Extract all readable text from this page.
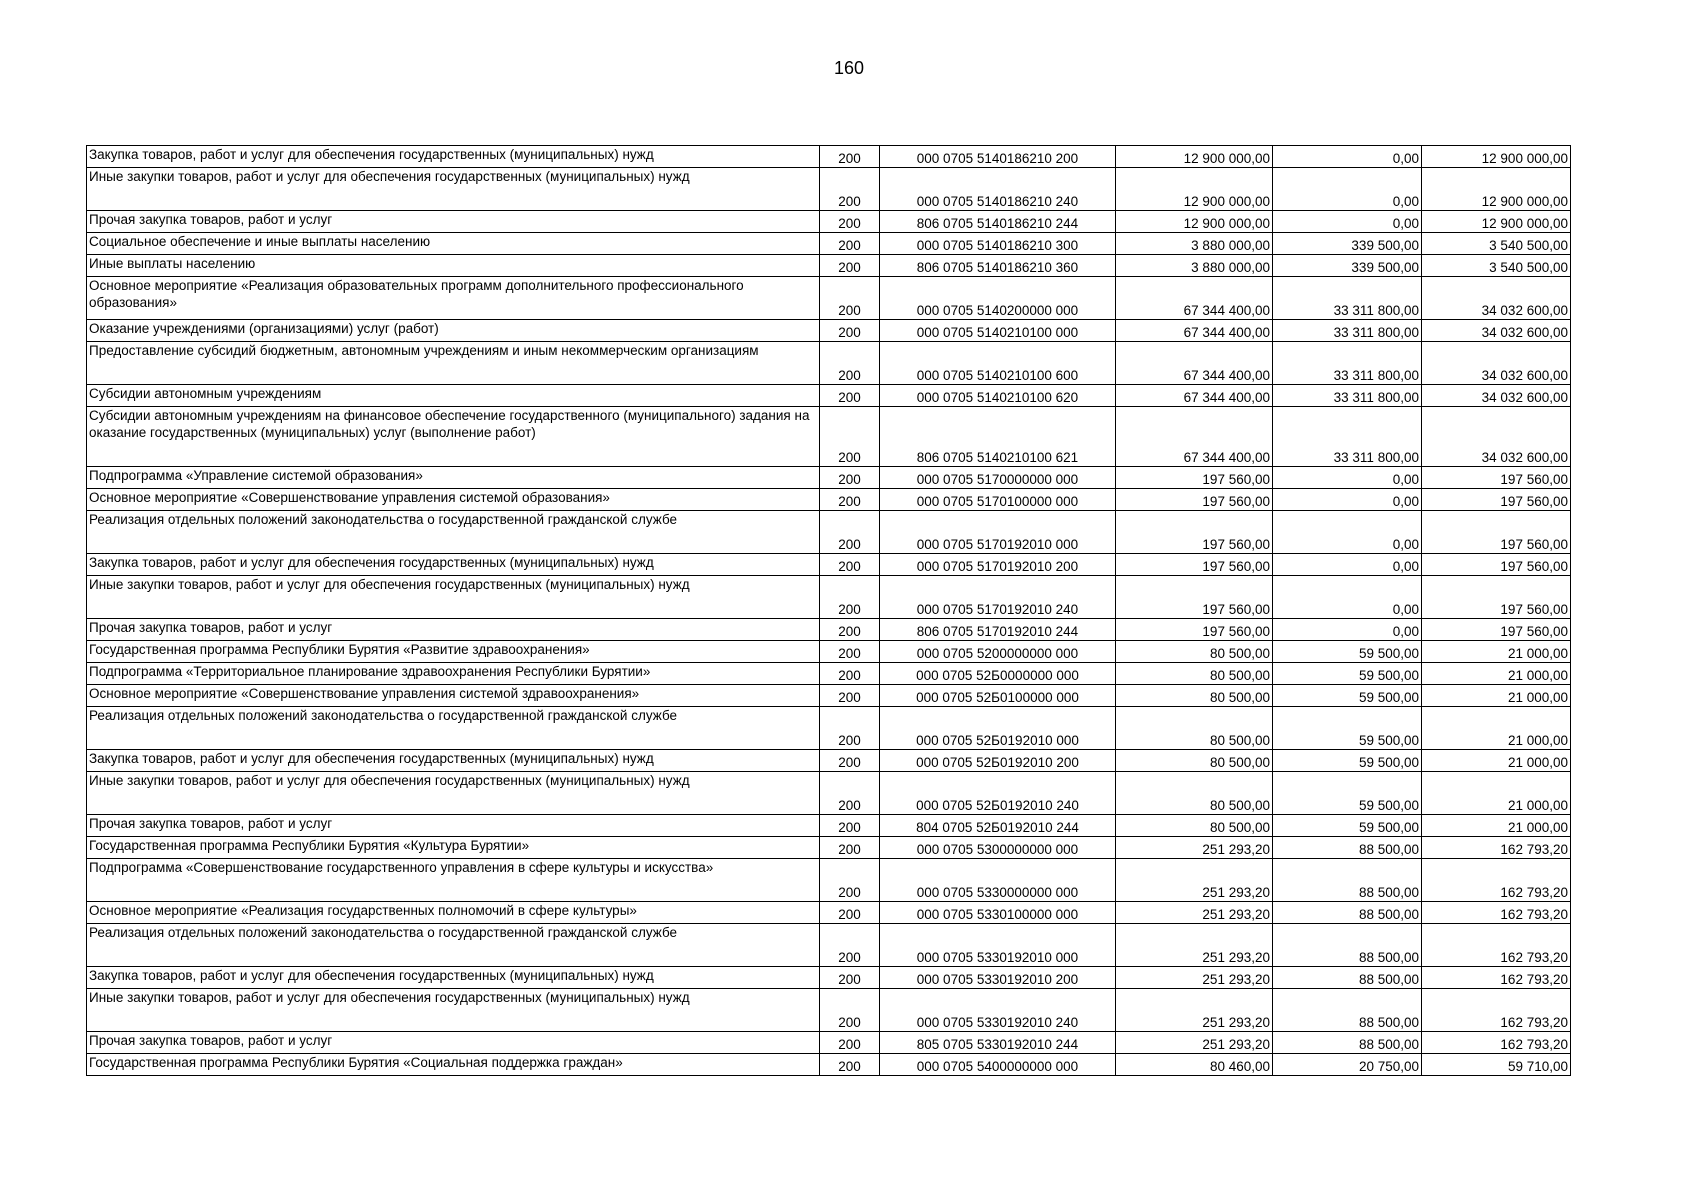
160
Закупка товаров, работ и услуг для обеспечения государственных (муниципальных) нужд	200	000 0705 5140186210 200	12 900 000,00	0,00	12 900 000,00
Иные закупки товаров, работ и услуг для обеспечения государственных (муниципальных) нужд	200	000 0705 5140186210 240	12 900 000,00	0,00	12 900 000,00
Прочая закупка товаров, работ и услуг	200	806 0705 5140186210 244	12 900 000,00	0,00	12 900 000,00
Социальное обеспечение и иные выплаты населению	200	000 0705 5140186210 300	3 880 000,00	339 500,00	3 540 500,00
Иные выплаты населению	200	806 0705 5140186210 360	3 880 000,00	339 500,00	3 540 500,00
Основное мероприятие «Реализация образовательных программ дополнительного профессионального образования»	200	000 0705 5140200000 000	67 344 400,00	33 311 800,00	34 032 600,00
Оказание учреждениями (организациями) услуг (работ)	200	000 0705 5140210100 000	67 344 400,00	33 311 800,00	34 032 600,00
Предоставление субсидий бюджетным, автономным учреждениям и иным некоммерческим организациям	200	000 0705 5140210100 600	67 344 400,00	33 311 800,00	34 032 600,00
Субсидии автономным учреждениям	200	000 0705 5140210100 620	67 344 400,00	33 311 800,00	34 032 600,00
Субсидии автономным учреждениям на финансовое обеспечение государственного (муниципального) задания на оказание государственных (муниципальных) услуг (выполнение работ)	200	806 0705 5140210100 621	67 344 400,00	33 311 800,00	34 032 600,00
Подпрограмма «Управление системой образования»	200	000 0705 5170000000 000	197 560,00	0,00	197 560,00
Основное мероприятие «Совершенствование управления системой образования»	200	000 0705 5170100000 000	197 560,00	0,00	197 560,00
Реализация отдельных положений законодательства о государственной гражданской службе	200	000 0705 5170192010 000	197 560,00	0,00	197 560,00
Закупка товаров, работ и услуг для обеспечения государственных (муниципальных) нужд	200	000 0705 5170192010 200	197 560,00	0,00	197 560,00
Иные закупки товаров, работ и услуг для обеспечения государственных (муниципальных) нужд	200	000 0705 5170192010 240	197 560,00	0,00	197 560,00
Прочая закупка товаров, работ и услуг	200	806 0705 5170192010 244	197 560,00	0,00	197 560,00
Государственная программа Республики Бурятия «Развитие здравоохранения»	200	000 0705 5200000000 000	80 500,00	59 500,00	21 000,00
Подпрограмма «Территориальное планирование здравоохранения Республики Бурятии»	200	000 0705 52Б0000000 000	80 500,00	59 500,00	21 000,00
Основное мероприятие «Совершенствование управления системой здравоохранения»	200	000 0705 52Б0100000 000	80 500,00	59 500,00	21 000,00
Реализация отдельных положений законодательства о государственной гражданской службе	200	000 0705 52Б0192010 000	80 500,00	59 500,00	21 000,00
Закупка товаров, работ и услуг для обеспечения государственных (муниципальных) нужд	200	000 0705 52Б0192010 200	80 500,00	59 500,00	21 000,00
Иные закупки товаров, работ и услуг для обеспечения государственных (муниципальных) нужд	200	000 0705 52Б0192010 240	80 500,00	59 500,00	21 000,00
Прочая закупка товаров, работ и услуг	200	804 0705 52Б0192010 244	80 500,00	59 500,00	21 000,00
Государственная программа Республики Бурятия «Культура Бурятии»	200	000 0705 5300000000 000	251 293,20	88 500,00	162 793,20
Подпрограмма «Совершенствование государственного управления в сфере культуры и искусства»	200	000 0705 5330000000 000	251 293,20	88 500,00	162 793,20
Основное мероприятие «Реализация государственных полномочий в сфере культуры»	200	000 0705 5330100000 000	251 293,20	88 500,00	162 793,20
Реализация отдельных положений законодательства о государственной гражданской службе	200	000 0705 5330192010 000	251 293,20	88 500,00	162 793,20
Закупка товаров, работ и услуг для обеспечения государственных (муниципальных) нужд	200	000 0705 5330192010 200	251 293,20	88 500,00	162 793,20
Иные закупки товаров, работ и услуг для обеспечения государственных (муниципальных) нужд	200	000 0705 5330192010 240	251 293,20	88 500,00	162 793,20
Прочая закупка товаров, работ и услуг	200	805 0705 5330192010 244	251 293,20	88 500,00	162 793,20
Государственная программа Республики Бурятия «Социальная поддержка граждан»	200	000 0705 5400000000 000	80 460,00	20 750,00	59 710,00
